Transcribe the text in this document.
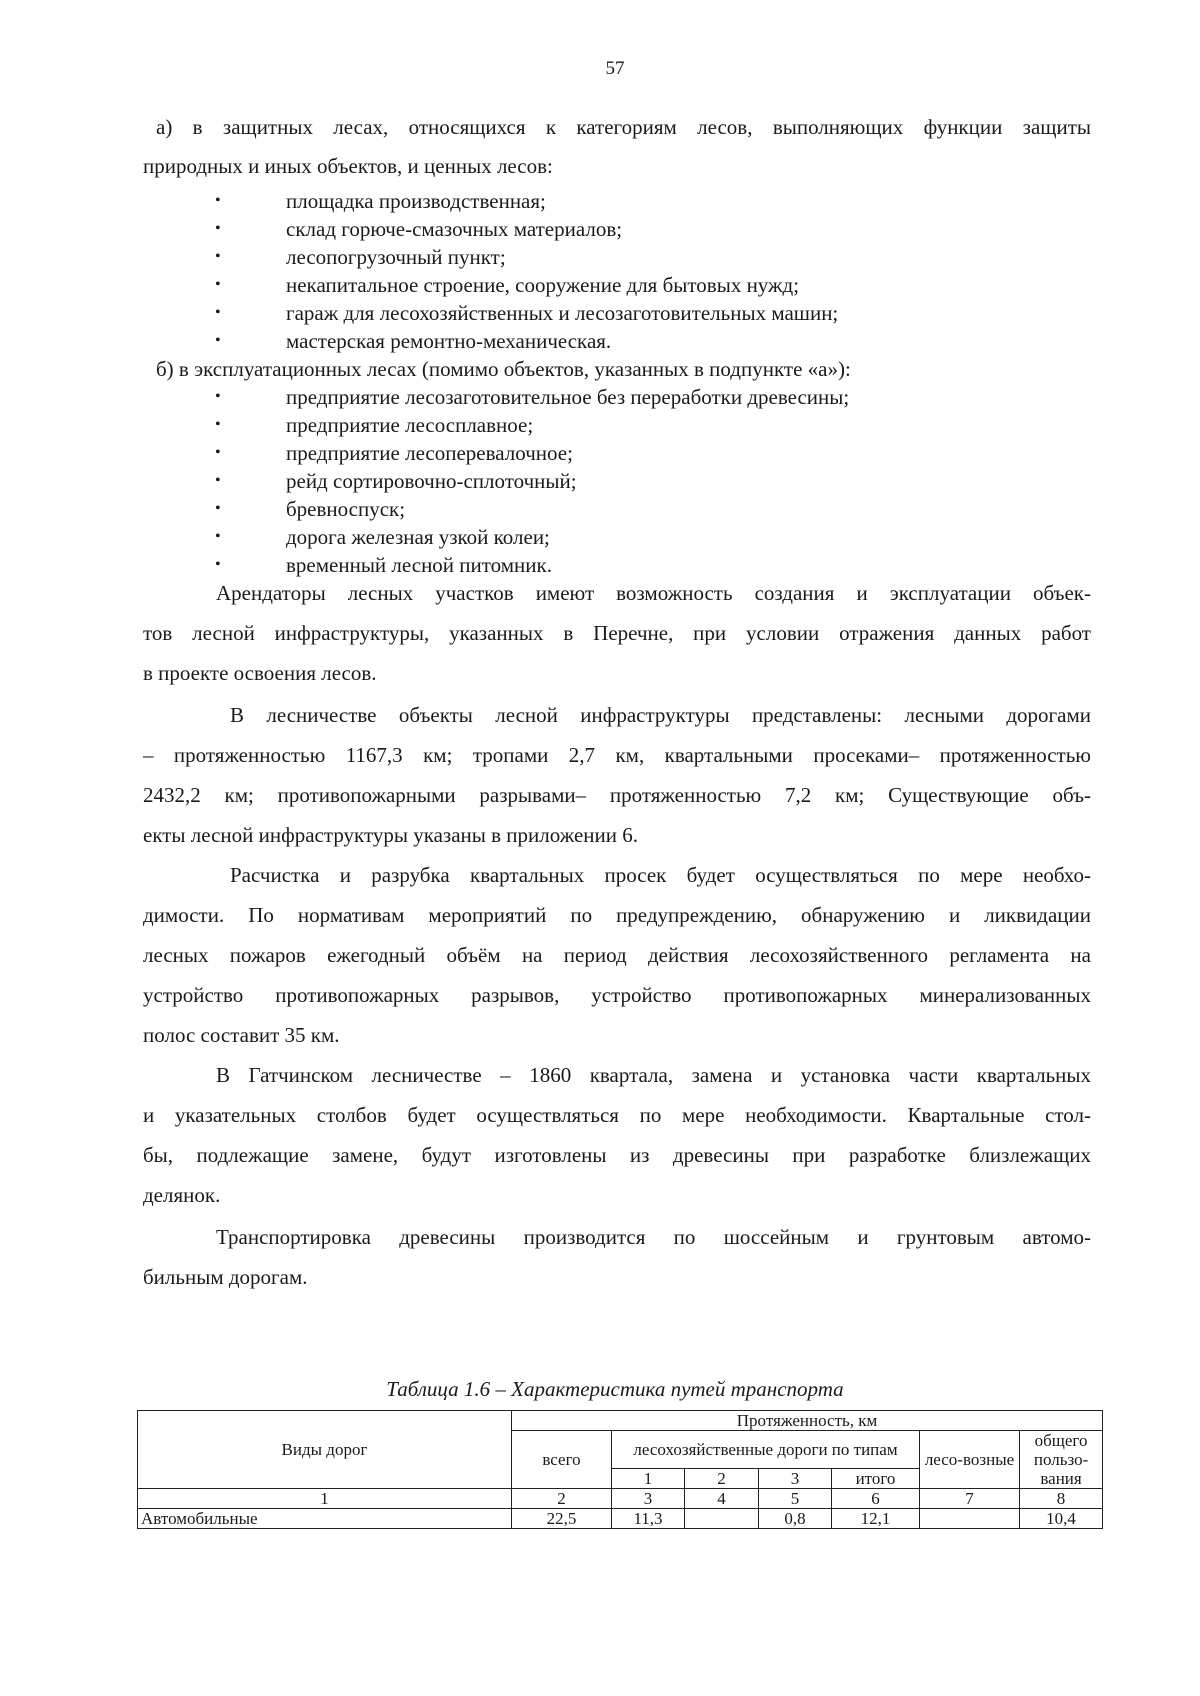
57
а) в защитных лесах, относящихся к категориям лесов, выполняющих функции защиты
природных и иных объектов, и ценных лесов:
•	площадка производственная;
•	склад горюче-смазочных материалов;
•	лесопогрузочный пункт;
•	некапитальное строение, сооружение для бытовых нужд;
•	гараж для лесохозяйственных и лесозаготовительных машин;
•	мастерская ремонтно-механическая.
б) в эксплуатационных лесах (помимо объектов, указанных в подпункте «а»):
•	предприятие лесозаготовительное без переработки древесины;
•	предприятие лесосплавное;
•	предприятие лесоперевалочное;
•	рейд сортировочно-сплоточный;
•	бревноспуск;
•	дорога железная узкой колеи;
•	временный лесной питомник.
Арендаторы лесных участков имеют возможность создания и эксплуатации объек-
тов лесной инфраструктуры, указанных в Перечне, при условии отражения данных работ
в проекте освоения лесов.
В лесничестве объекты лесной инфраструктуры представлены: лесными дорогами
– протяженностью 1167,3 км; тропами 2,7 км, квартальными просеками– протяженностью
2432,2 км; противопожарными разрывами– протяженностью 7,2 км; Существующие объ-
екты лесной инфраструктуры указаны в приложении 6.
Расчистка и разрубка квартальных просек будет осуществляться по мере необхо-
димости. По нормативам мероприятий по предупреждению, обнаружению и ликвидации
лесных пожаров ежегодный объём на период действия лесохозяйственного регламента на
устройство противопожарных разрывов, устройство противопожарных минерализованных
полос составит 35 км.
В Гатчинском лесничестве – 1860 квартала, замена и установка части квартальных
и указательных столбов будет осуществляться по мере необходимости. Квартальные стол-
бы, подлежащие замене, будут изготовлены из древесины при разработке близлежащих
делянок.
Транспортировка древесины производится по шоссейным и грунтовым автомо-
бильным дорогам.
Таблица 1.6 – Характеристика путей транспорта
Виды дорог	Протяженность, км						
	всего	лесохозяйственные дороги по типам				лесо-возные	общего пользо-вания

		1	2	3	итого		
1	2	3	4	5	6	7	8
Автомобильные	22,5	11,3		0,8	12,1		10,4
